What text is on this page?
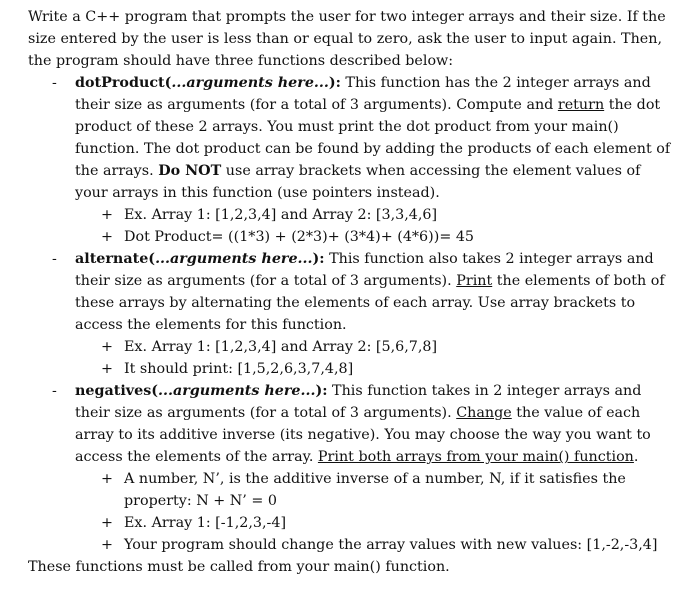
Write a C++ program that prompts the user for two integer arrays and their size. If the size entered by the user is less than or equal to zero, ask the user to input again. Then, the program should have three functions described below:

- dotProduct(...arguments here...): This function has the 2 integer arrays and their size as arguments (for a total of 3 arguments). Compute and return the dot product of these 2 arrays. You must print the dot product from your main() function. The dot product can be found by adding the products of each element of the arrays. Do NOT use array brackets when accessing the element values of your arrays in this function (use pointers instead).
+ Ex. Array 1: [1,2,3,4] and Array 2: [3,3,4,6]
+ Dot Product= ((1*3) + (2*3)+ (3*4)+ (4*6))= 45
- alternate(...arguments here...): This function also takes 2 integer arrays and their size as arguments (for a total of 3 arguments). Print the elements of both of these arrays by alternating the elements of each array. Use array brackets to access the elements for this function.
+ Ex. Array 1: [1,2,3,4] and Array 2: [5,6,7,8]
+ It should print: [1,5,2,6,3,7,4,8]
- negatives(...arguments here...): This function takes in 2 integer arrays and their size as arguments (for a total of 3 arguments). Change the value of each array to its additive inverse (its negative). You may choose the way you want to access the elements of the array. Print both arrays from your main() function.
+ A number, N’, is the additive inverse of a number, N, if it satisfies the property: N + N’ = 0
+ Ex. Array 1: [-1,2,3,-4]
+ Your program should change the array values with new values: [1,-2,-3,4]

These functions must be called from your main() function.
